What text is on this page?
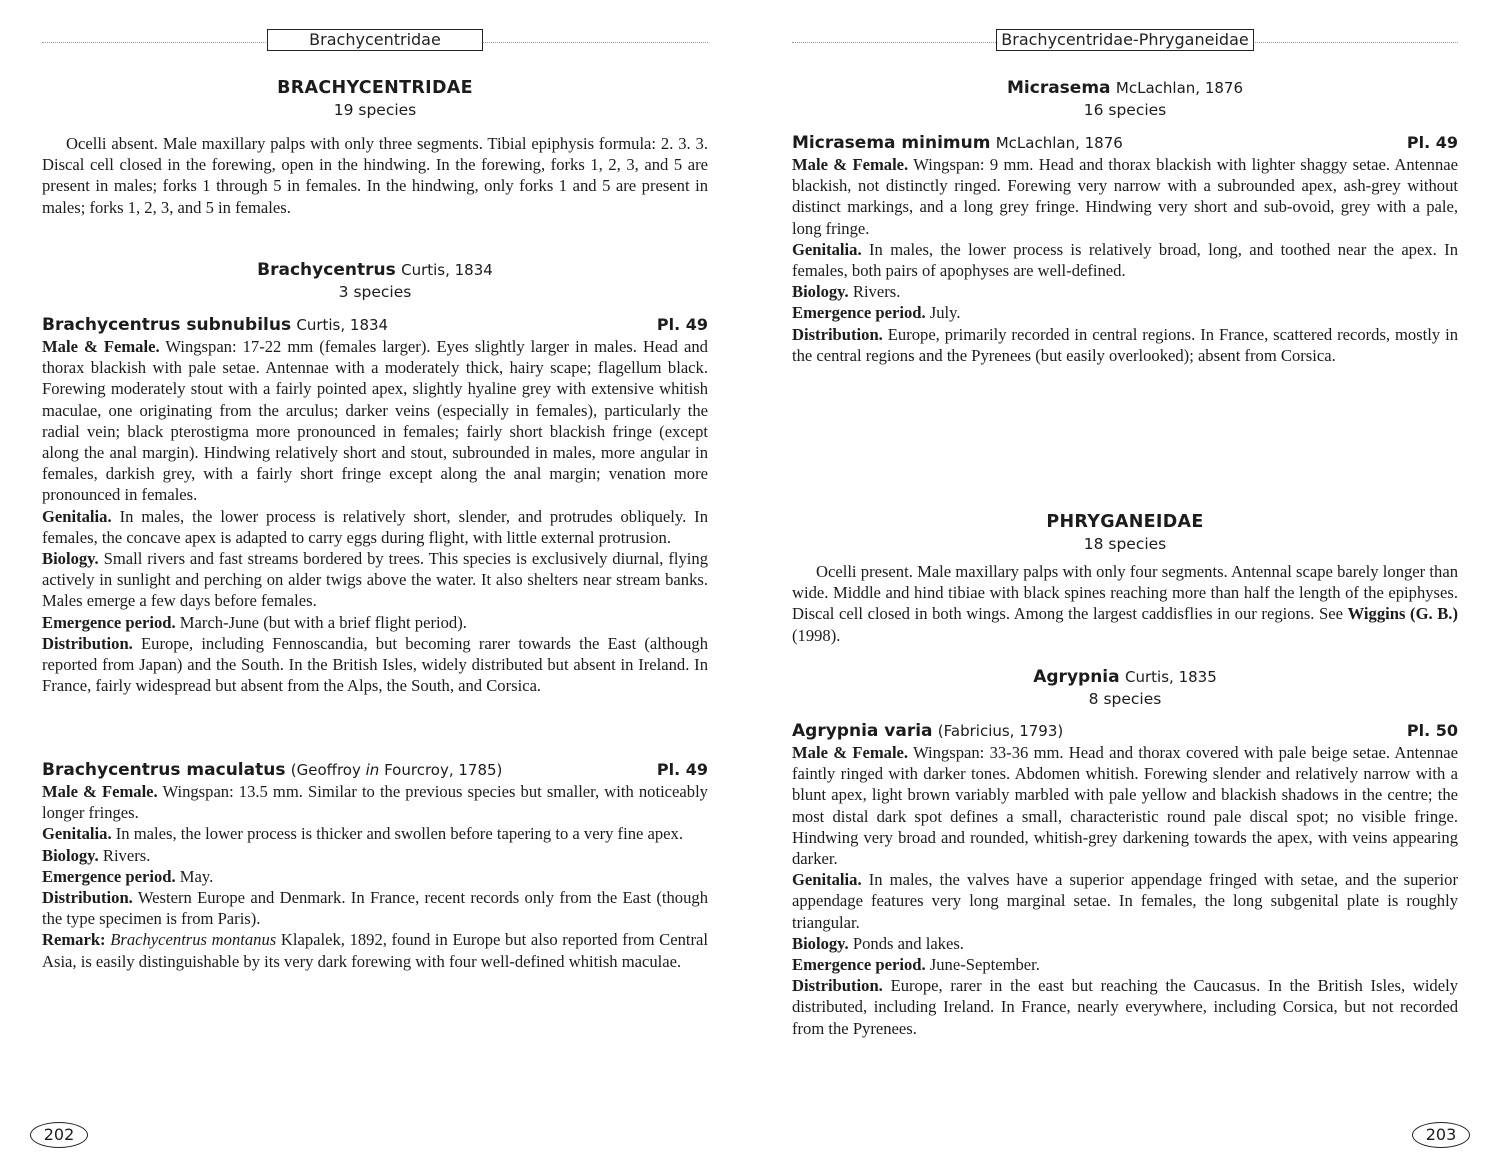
Brachycentridae
BRACHYCENTRIDAE
19 species

Ocelli absent. Male maxillary palps with only three segments. Tibial epiphysis formula: 2. 3. 3. Discal cell closed in the forewing, open in the hindwing. In the forewing, forks 1, 2, 3, and 5 are present in males; forks 1 through 5 in females. In the hindwing, only forks 1 and 5 are present in males; forks 1, 2, 3, and 5 in females.

Brachycentrus Curtis, 1834
3 species
Brachycentrus subnubilus Curtis, 1834	Pl. 49

Male & Female. Wingspan: 17-22 mm (females larger). Eyes slightly larger in males. Head and thorax blackish with pale setae. Antennae with a moderately thick, hairy scape; flagellum black. Forewing moderately stout with a fairly pointed apex, slightly hyaline grey with extensive whitish maculae, one originating from the arculus; darker veins (especially in females), particularly the radial vein; black pterostigma more pronounced in females; fairly short blackish fringe (except along the anal margin). Hindwing relatively short and stout, subrounded in males, more angular in females, darkish grey, with a fairly short fringe except along the anal margin; venation more pronounced in females.

Genitalia. In males, the lower process is relatively short, slender, and protrudes obliquely. In females, the concave apex is adapted to carry eggs during flight, with little external protrusion.

Biology. Small rivers and fast streams bordered by trees. This species is exclusively diurnal, flying actively in sunlight and perching on alder twigs above the water. It also shelters near stream banks. Males emerge a few days before females.

Emergence period. March-June (but with a brief flight period).

Distribution. Europe, including Fennoscandia, but becoming rarer towards the East (although reported from Japan) and the South. In the British Isles, widely distributed but absent in Ireland. In France, fairly widespread but absent from the Alps, the South, and Corsica.

Brachycentrus maculatus (Geoffroy in Fourcroy, 1785)	Pl. 49

Male & Female. Wingspan: 13.5 mm. Similar to the previous species but smaller, with noticeably longer fringes.

Genitalia. In males, the lower process is thicker and swollen before tapering to a very fine apex.

Biology. Rivers.

Emergence period. May.

Distribution. Western Europe and Denmark. In France, recent records only from the East (though the type specimen is from Paris).

Remark: Brachycentrus montanus Klapalek, 1892, found in Europe but also reported from Central Asia, is easily distinguishable by its very dark forewing with four well-defined whitish maculae.

202
Brachycentridae-Phryganeidae
Micrasema McLachlan, 1876
16 species
Micrasema minimum McLachlan, 1876	Pl. 49

Male & Female. Wingspan: 9 mm. Head and thorax blackish with lighter shaggy setae. Antennae blackish, not distinctly ringed. Forewing very narrow with a subrounded apex, ash-grey without distinct markings, and a long grey fringe. Hindwing very short and sub-ovoid, grey with a pale, long fringe.

Genitalia. In males, the lower process is relatively broad, long, and toothed near the apex. In females, both pairs of apophyses are well-defined.

Biology. Rivers.

Emergence period. July.

Distribution. Europe, primarily recorded in central regions. In France, scattered records, mostly in the central regions and the Pyrenees (but easily overlooked); absent from Corsica.

PHRYGANEIDAE
18 species

Ocelli present. Male maxillary palps with only four segments. Antennal scape barely longer than wide. Middle and hind tibiae with black spines reaching more than half the length of the epiphyses. Discal cell closed in both wings. Among the largest caddisflies in our regions. See Wiggins (G. B.) (1998).

Agrypnia Curtis, 1835
8 species
Agrypnia varia (Fabricius, 1793)	Pl. 50

Male & Female. Wingspan: 33-36 mm. Head and thorax covered with pale beige setae. Antennae faintly ringed with darker tones. Abdomen whitish. Forewing slender and relatively narrow with a blunt apex, light brown variably marbled with pale yellow and blackish shadows in the centre; the most distal dark spot defines a small, characteristic round pale discal spot; no visible fringe. Hindwing very broad and rounded, whitish-grey darkening towards the apex, with veins appearing darker.

Genitalia. In males, the valves have a superior appendage fringed with setae, and the superior appendage features very long marginal setae. In females, the long subgenital plate is roughly triangular.

Biology. Ponds and lakes.

Emergence period. June-September.

Distribution. Europe, rarer in the east but reaching the Caucasus. In the British Isles, widely distributed, including Ireland. In France, nearly everywhere, including Corsica, but not recorded from the Pyrenees.

203
